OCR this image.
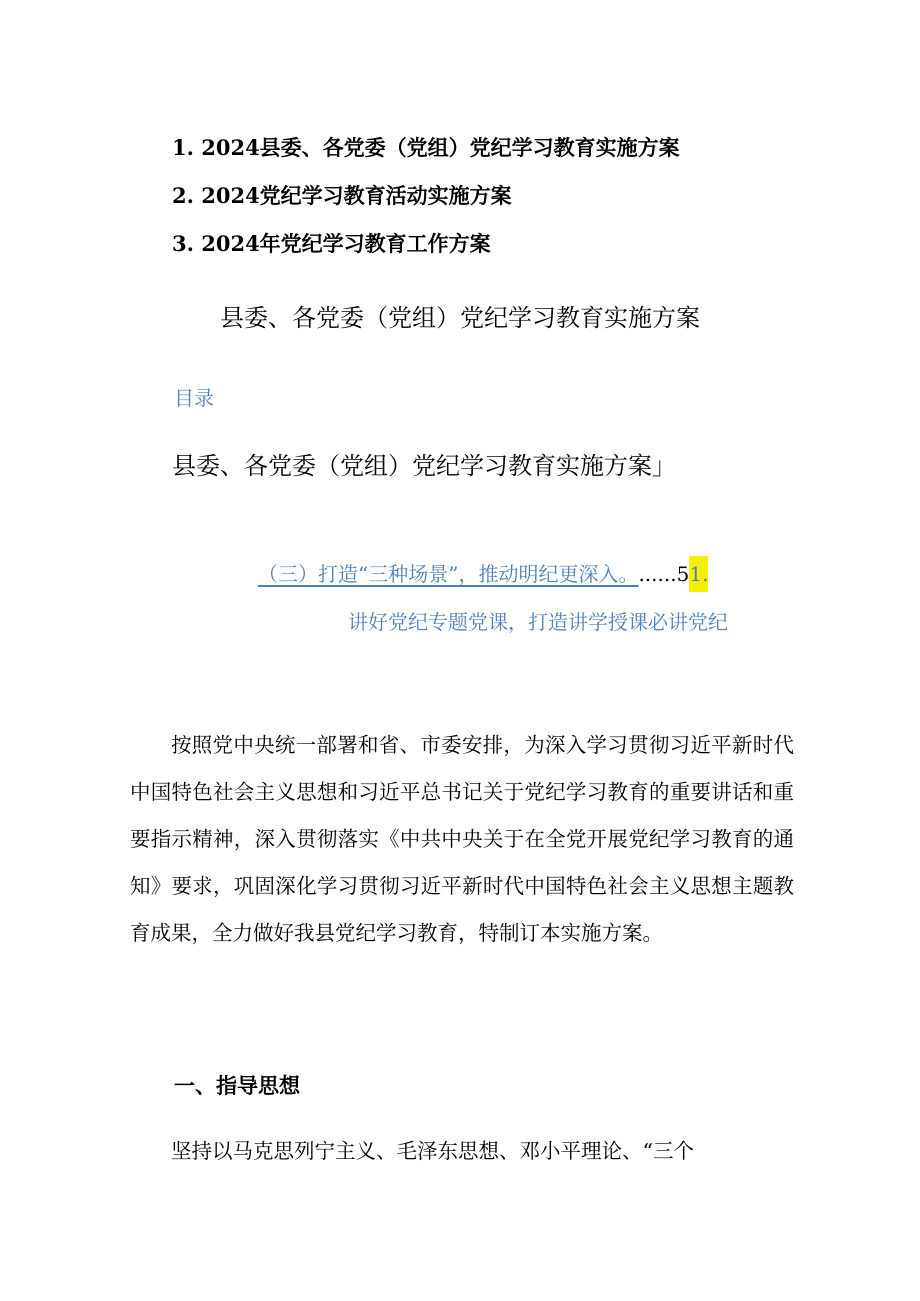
1. 2024县委、各党委（党组）党纪学习教育实施方案
2. 2024党纪学习教育活动实施方案
3. 2024年党纪学习教育工作方案
县委、各党委（党组）党纪学习教育实施方案
目录
县委、各党委（党组）党纪学习教育实施方案」
（三）打造“三种场景”，推动明纪更深入。......51.
讲好党纪专题党课，打造讲学授课必讲党纪

按照党中央统一部署和省、市委安排，为深入学习贯彻习近平新时代中国特色社会主义思想和习近平总书记关于党纪学习教育的重要讲话和重要指示精神，深入贯彻落实《中共中央关于在全党开展党纪学习教育的通知》要求，巩固深化学习贯彻习近平新时代中国特色社会主义思想主题教育成果，全力做好我县党纪学习教育，特制订本实施方案。

一、指导思想

坚持以马克思列宁主义、毛泽东思想、邓小平理论、“三个
